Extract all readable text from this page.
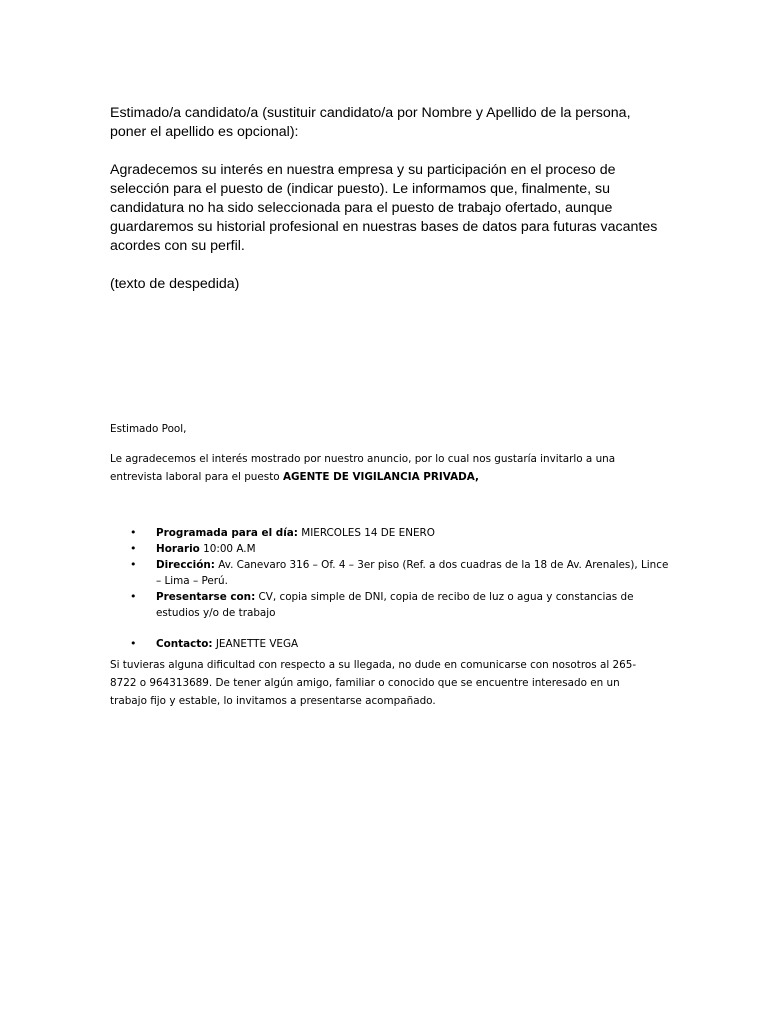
Estimado/a candidato/a (sustituir candidato/a por Nombre y Apellido de la persona, poner el apellido es opcional):

Agradecemos su interés en nuestra empresa y su participación en el proceso de selección para el puesto de (indicar puesto). Le informamos que, finalmente, su candidatura no ha sido seleccionada para el puesto de trabajo ofertado, aunque guardaremos su historial profesional en nuestras bases de datos para futuras vacantes acordes con su perfil.

(texto de despedida)

Estimado Pool,

Le agradecemos el interés mostrado por nuestro anuncio, por lo cual nos gustaría invitarlo a una entrevista laboral para el puesto AGENTE DE VIGILANCIA PRIVADA,

• Programada para el día: MIERCOLES 14 DE ENERO
• Horario 10:00 A.M
• Dirección: Av. Canevaro 316 – Of. 4 – 3er piso (Ref. a dos cuadras de la 18 de Av. Arenales), Lince – Lima – Perú.
• Presentarse con: CV, copia simple de DNI, copia de recibo de luz o agua y constancias de estudios y/o de trabajo
• Contacto: JEANETTE VEGA

Si tuvieras alguna dificultad con respecto a su llegada, no dude en comunicarse con nosotros al 265-8722 o 964313689. De tener algún amigo, familiar o conocido que se encuentre interesado en un trabajo fijo y estable, lo invitamos a presentarse acompañado.
